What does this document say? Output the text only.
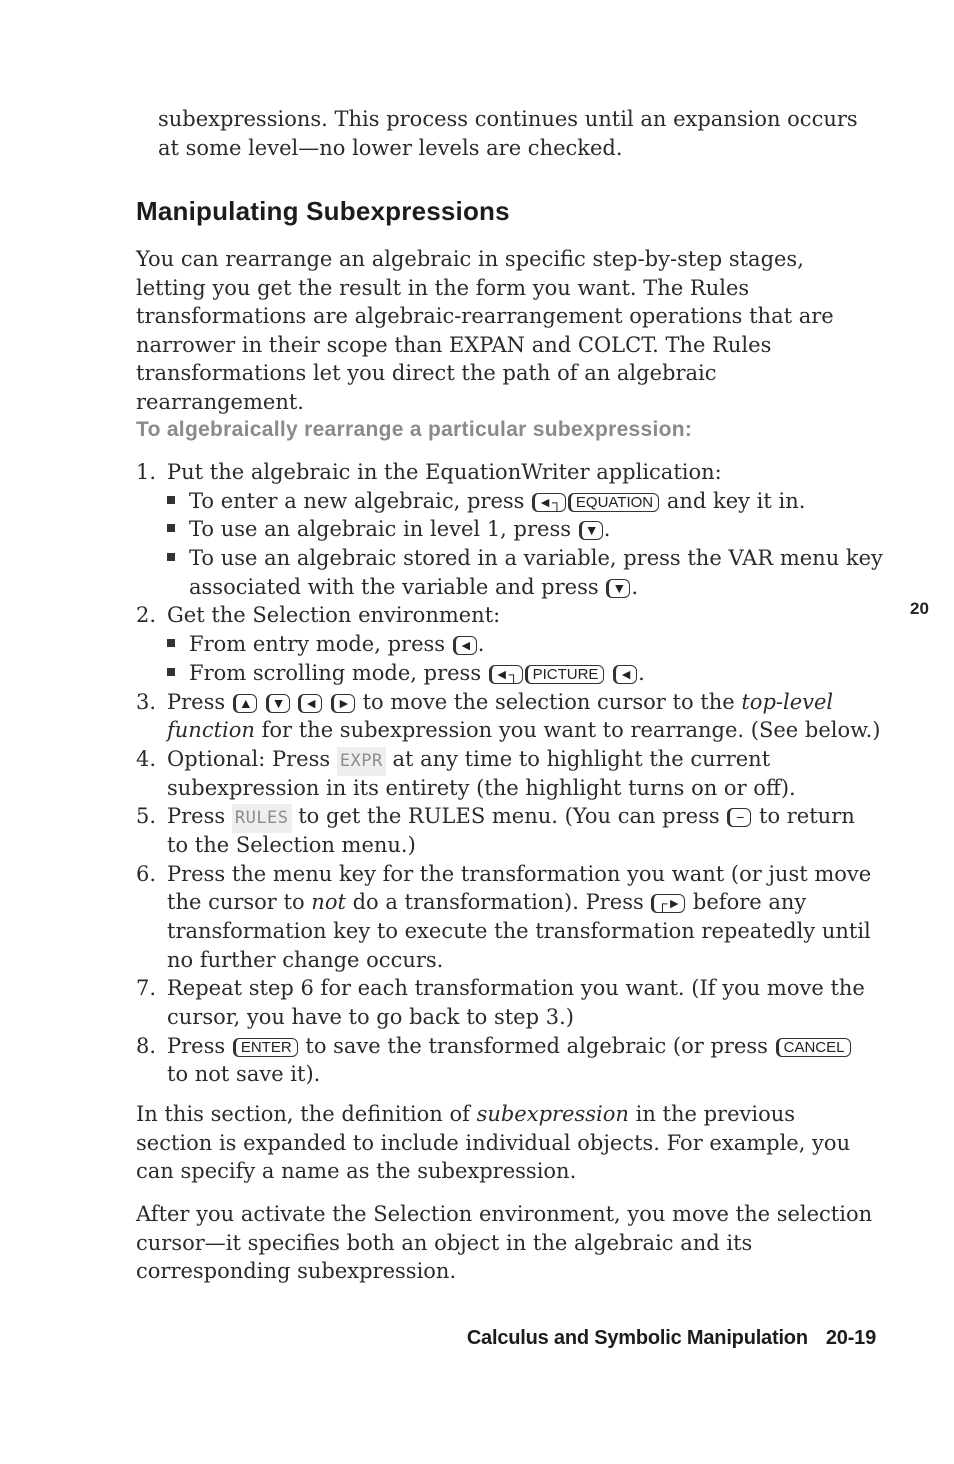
subexpressions. This process continues until an expansion occurs at some level—no lower levels are checked.

Manipulating Subexpressions

You can rearrange an algebraic in specific step-by-step stages, letting you get the result in the form you want. The Rules transformations are algebraic-rearrangement operations that are narrower in their scope than EXPAN and COLCT. The Rules transformations let you direct the path of an algebraic rearrangement.

To algebraically rearrange a particular subexpression:
1. Put the algebraic in the EquationWriter application:
To enter a new algebraic, press ◄┐ EQUATION and key it in.
To use an algebraic in level 1, press ▼ .
To use an algebraic stored in a variable, press the VAR menu key
associated with the variable and press ▼ .
2. Get the Selection environment:
From entry mode, press ◄ .
From scrolling mode, press ◄┐ PICTURE ◄ .
3. Press ▲ ▼ ◄ ► to move the selection cursor to the top-level
function for the subexpression you want to rearrange. (See below.)
4. Optional: Press EXPR at any time to highlight the current
subexpression in its entirety (the highlight turns on or off).
5. Press RULES to get the RULES menu. (You can press − to return
to the Selection menu.)
6. Press the menu key for the transformation you want (or just move
the cursor to not do a transformation). Press ┌► before any
transformation key to execute the transformation repeatedly until
no further change occurs.
7. Repeat step 6 for each transformation you want. (If you move the
cursor, you have to go back to step 3.)
8. Press ENTER to save the transformed algebraic (or press CANCEL
to not save it).

In this section, the definition of subexpression in the previous section is expanded to include individual objects. For example, you can specify a name as the subexpression.

After you activate the Selection environment, you move the selection cursor—it specifies both an object in the algebraic and its corresponding subexpression.

20
Calculus and Symbolic Manipulation 20-19
